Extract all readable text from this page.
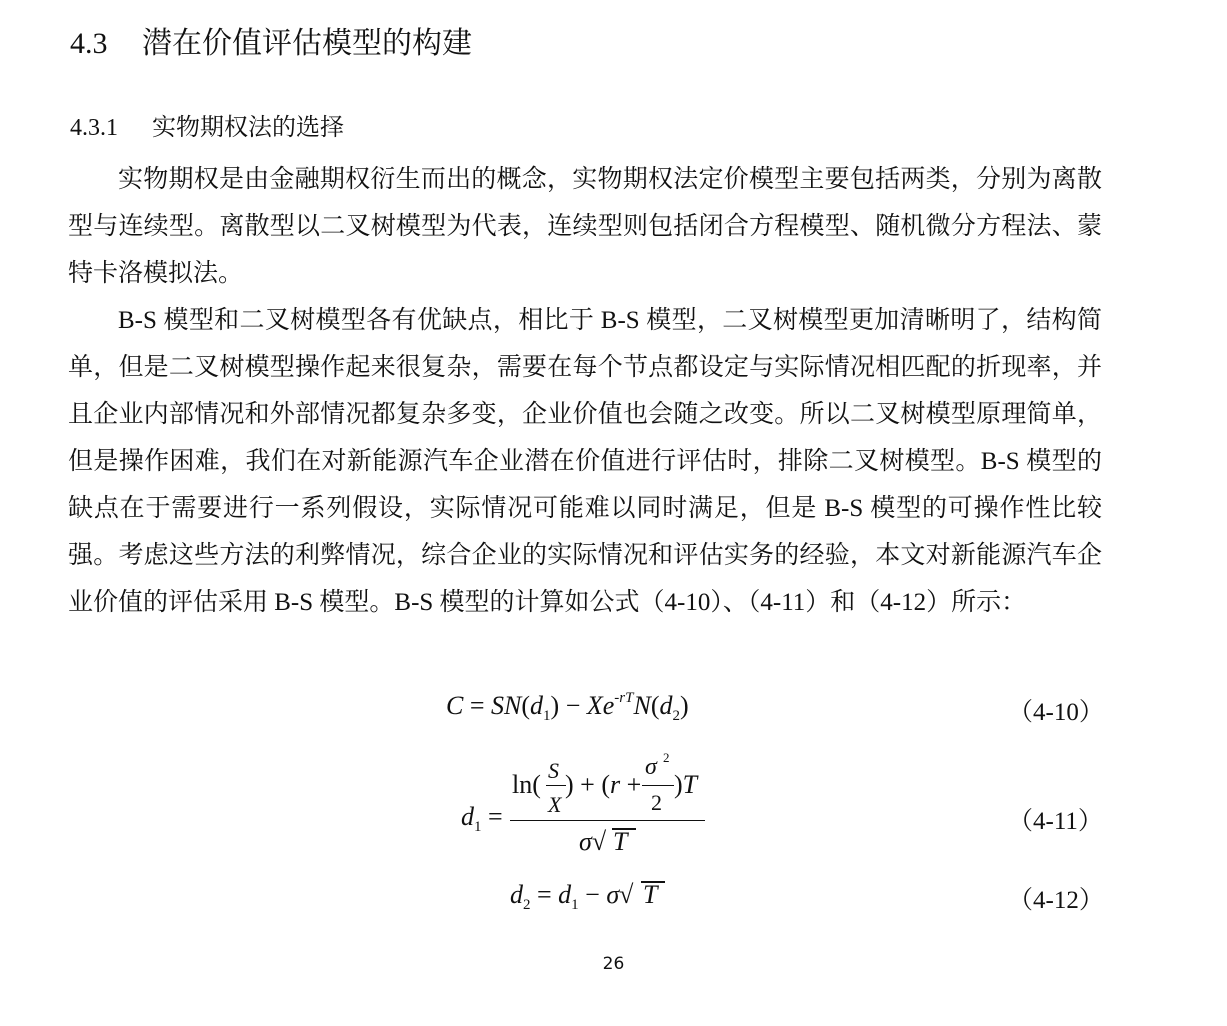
4.3 潜在价值评估模型的构建
4.3.1 实物期权法的选择

实物期权是由金融期权衍生而出的概念，实物期权法定价模型主要包括两类，分别为离散型与连续型。离散型以二叉树模型为代表，连续型则包括闭合方程模型、随机微分方程法、蒙特卡洛模拟法。

B-S 模型和二叉树模型各有优缺点，相比于 B-S 模型，二叉树模型更加清晰明了，结构简单，但是二叉树模型操作起来很复杂，需要在每个节点都设定与实际情况相匹配的折现率，并且企业内部情况和外部情况都复杂多变，企业价值也会随之改变。所以二叉树模型原理简单，但是操作困难，我们在对新能源汽车企业潜在价值进行评估时，排除二叉树模型。B-S 模型的缺点在于需要进行一系列假设，实际情况可能难以同时满足，但是 B-S 模型的可操作性比较强。考虑这些方法的利弊情况，综合企业的实际情况和评估实务的经验，本文对新能源汽车企业价值的评估采用 B-S 模型。B-S 模型的计算如公式（4-10）、（4-11）和（4-12）所示：

$C = SN(d_1) - Xe^{-rT}N(d_2)$	（4-10）
$d_1$ =
ln( S
X
) + (r +
σ 2
2
)T
σ√ T
（4-11）
$d_2 = d_1 - \sigma√$ T	（4-12）
26
